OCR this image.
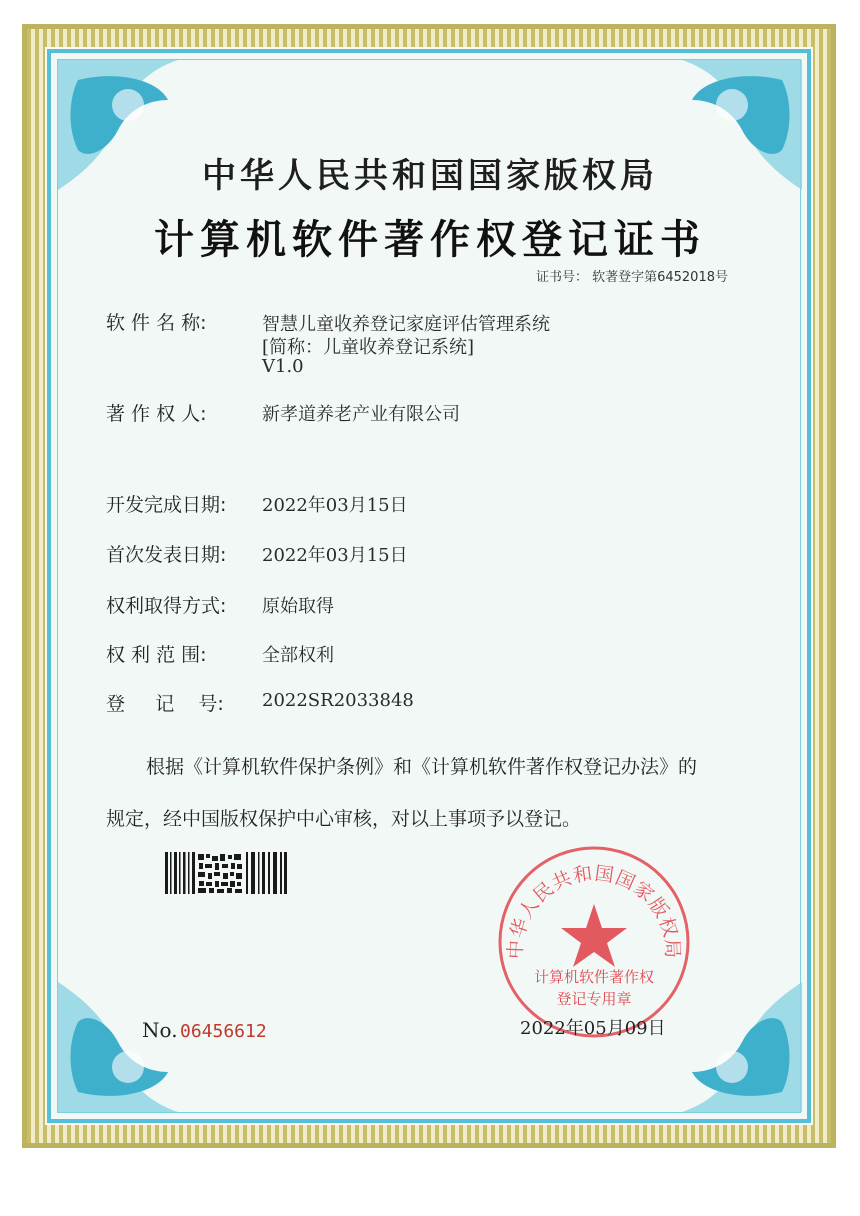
中华人民共和国国家版权局
计算机软件著作权登记证书
证书号： 软著登字第6452018号
软 件 名 称:	智慧儿童收养登记家庭评估管理系统
[简称：儿童收养登记系统]
V1.0
著 作 权 人:	新孝道养老产业有限公司
开发完成日期: 2022年03月15日
首次发表日期: 2022年03月15日
权利取得方式: 原始取得
权 利 范 围:	全部权利
登     记    号: 2022SR2033848
根据《计算机软件保护条例》和《计算机软件著作权登记办法》的
规定，经中国版权保护中心审核，对以上事项予以登记。
中华人民共和国国家版权局
计算机软件著作权
登记专用章
No. 06456612	2022年05月09日
